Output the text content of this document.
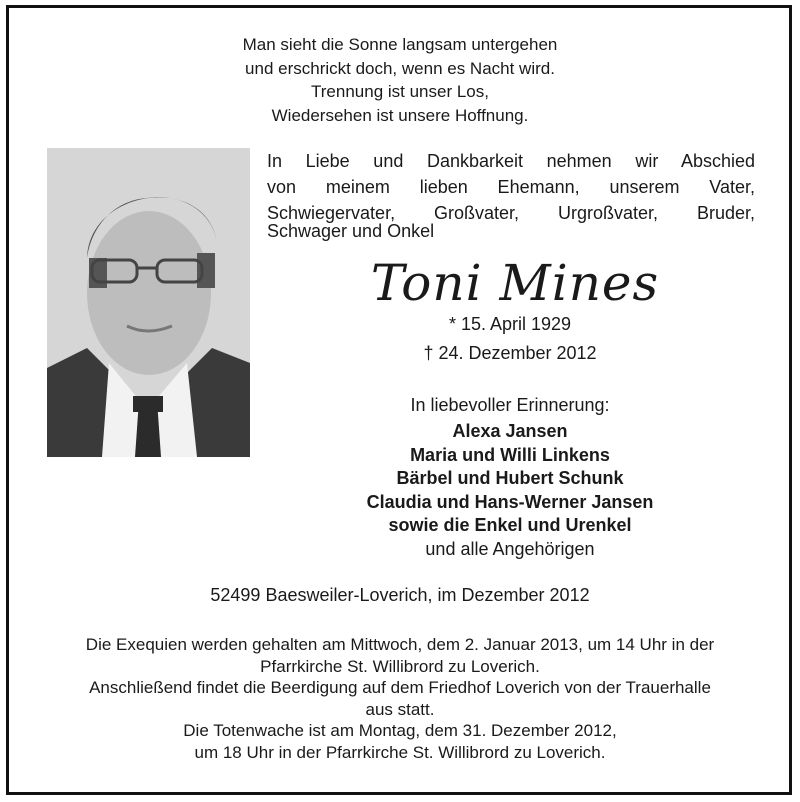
Man sieht die Sonne langsam untergehen
und erschrickt doch, wenn es Nacht wird.
Trennung ist unser Los,
Wiedersehen ist unsere Hoffnung.
In Liebe und Dankbarkeit nehmen wir Abschied
von meinem lieben Ehemann, unserem Vater,
Schwiegervater, Großvater, Urgroßvater, Bruder,
Schwager und Onkel
Toni Mines
* 15. April 1929
† 24. Dezember 2012
In liebevoller Erinnerung:
Alexa Jansen
Maria und Willi Linkens
Bärbel und Hubert Schunk
Claudia und Hans-Werner Jansen
sowie die Enkel und Urenkel
und alle Angehörigen
52499 Baesweiler-Loverich, im Dezember 2012
Die Exequien werden gehalten am Mittwoch, dem 2. Januar 2013, um 14 Uhr in der
Pfarrkirche St. Willibrord zu Loverich.
Anschließend findet die Beerdigung auf dem Friedhof Loverich von der Trauerhalle
aus statt.
Die Totenwache ist am Montag, dem 31. Dezember 2012,
um 18 Uhr in der Pfarrkirche St. Willibrord zu Loverich.
